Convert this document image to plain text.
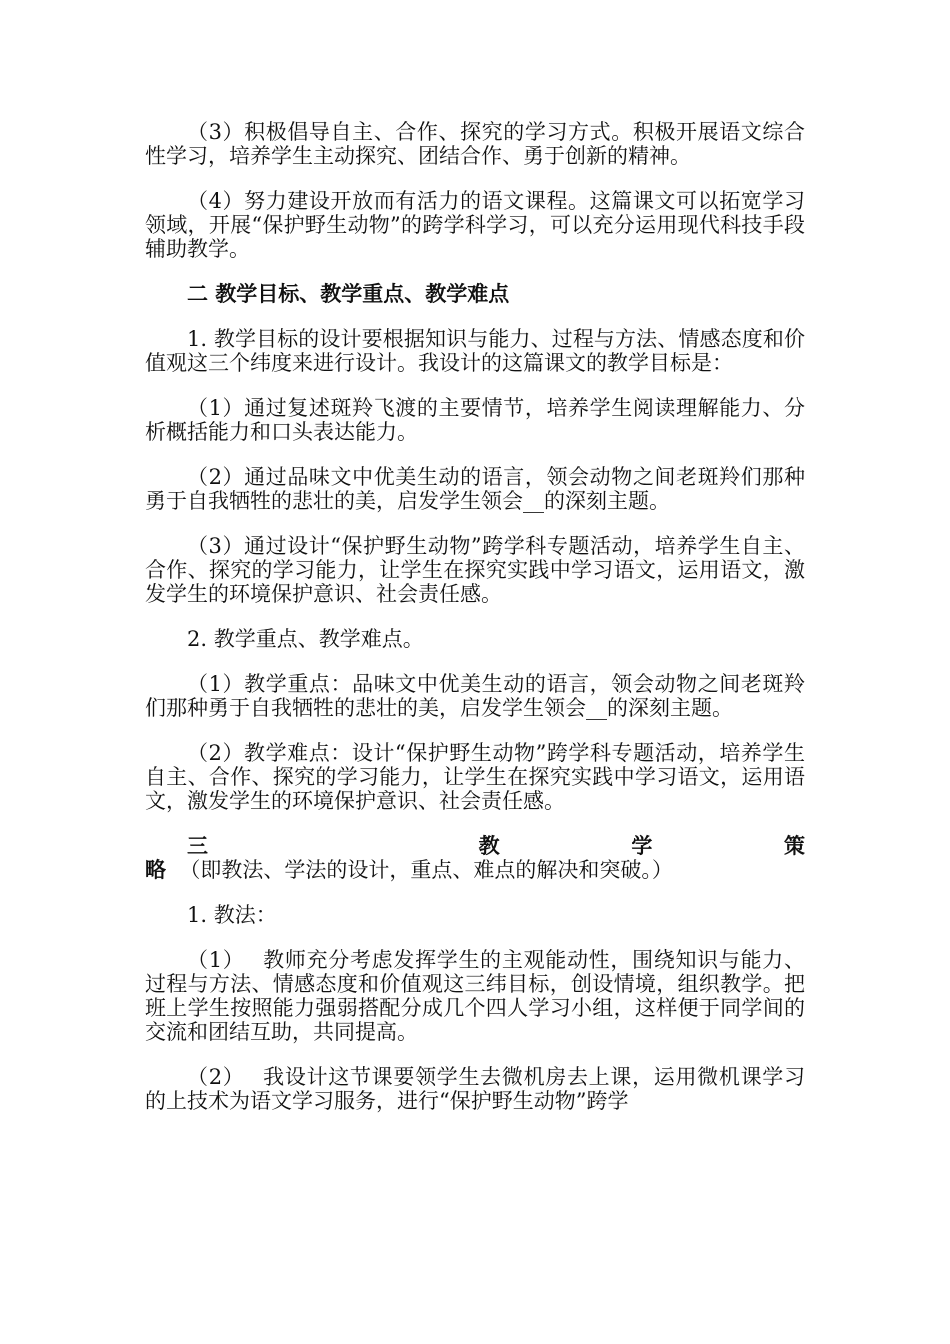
（3）积极倡导自主、合作、探究的学习方式。积极开展语文综合性学习，培养学生主动探究、团结合作、勇于创新的精神。

（4）努力建设开放而有活力的语文课程。这篇课文可以拓宽学习领域，开展“保护野生动物”的跨学科学习，可以充分运用现代科技手段辅助教学。

二 教学目标、教学重点、教学难点

1. 教学目标的设计要根据知识与能力、过程与方法、情感态度和价值观这三个纬度来进行设计。我设计的这篇课文的教学目标是：

（1）通过复述斑羚飞渡的主要情节，培养学生阅读理解能力、分析概括能力和口头表达能力。

（2）通过品味文中优美生动的语言，领会动物之间老斑羚们那种勇于自我牺牲的悲壮的美，启发学生领会__的深刻主题。

（3）通过设计“保护野生动物”跨学科专题活动，培养学生自主、合作、探究的学习能力，让学生在探究实践中学习语文，运用语文，激发学生的环境保护意识、社会责任感。

2. 教学重点、教学难点。

（1）教学重点：品味文中优美生动的语言，领会动物之间老斑羚们那种勇于自我牺牲的悲壮的美，启发学生领会__的深刻主题。

（2）教学难点：设计“保护野生动物”跨学科专题活动，培养学生自主、合作、探究的学习能力，让学生在探究实践中学习语文，运用语文，激发学生的环境保护意识、社会责任感。

三 教学策略 （即教法、学法的设计，重点、难点的解决和突破。）

1. 教法：

（1） 教师充分考虑发挥学生的主观能动性，围绕知识与能力、过程与方法、情感态度和价值观这三纬目标，创设情境，组织教学。把班上学生按照能力强弱搭配分成几个四人学习小组，这样便于同学间的交流和团结互助，共同提高。

（2） 我设计这节课要领学生去微机房去上课，运用微机课学习的上技术为语文学习服务，进行“保护野生动物”跨学
